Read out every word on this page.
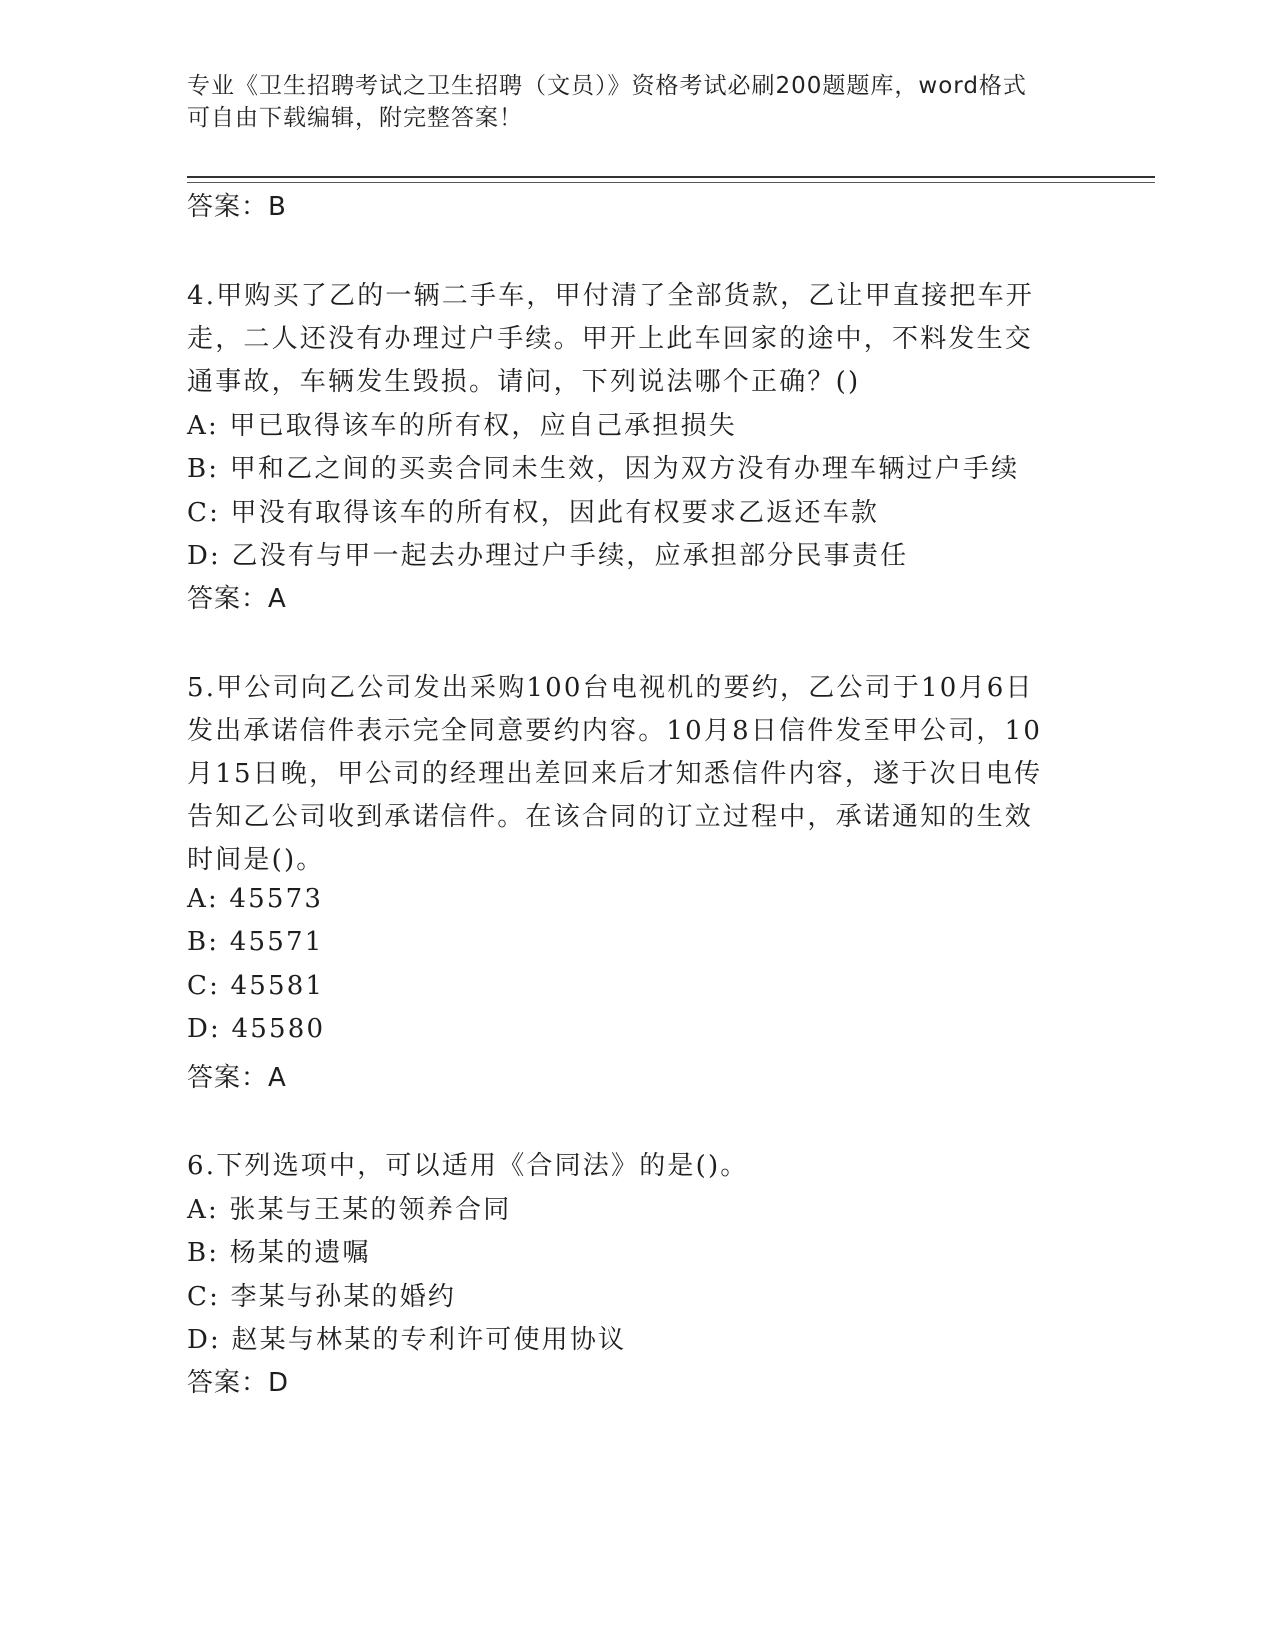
专业《卫生招聘考试之卫生招聘（文员）》资格考试必刷200题题库，word格式
可自由下载编辑，附完整答案！
答案：B
4.甲购买了乙的一辆二手车，甲付清了全部货款，乙让甲直接把车开
走，二人还没有办理过户手续。甲开上此车回家的途中，不料发生交
通事故，车辆发生毁损。请问，下列说法哪个正确？()
A: 甲已取得该车的所有权，应自己承担损失
B: 甲和乙之间的买卖合同未生效，因为双方没有办理车辆过户手续
C: 甲没有取得该车的所有权，因此有权要求乙返还车款
D: 乙没有与甲一起去办理过户手续，应承担部分民事责任
答案：A
5.甲公司向乙公司发出采购100台电视机的要约，乙公司于10月6日
发出承诺信件表示完全同意要约内容。10月8日信件发至甲公司，10
月15日晚，甲公司的经理出差回来后才知悉信件内容，遂于次日电传
告知乙公司收到承诺信件。在该合同的订立过程中，承诺通知的生效
时间是()。
A: 45573
B: 45571
C: 45581
D: 45580
答案：A
6.下列选项中，可以适用《合同法》的是()。
A: 张某与王某的领养合同
B: 杨某的遗嘱
C: 李某与孙某的婚约
D: 赵某与林某的专利许可使用协议
答案：D
